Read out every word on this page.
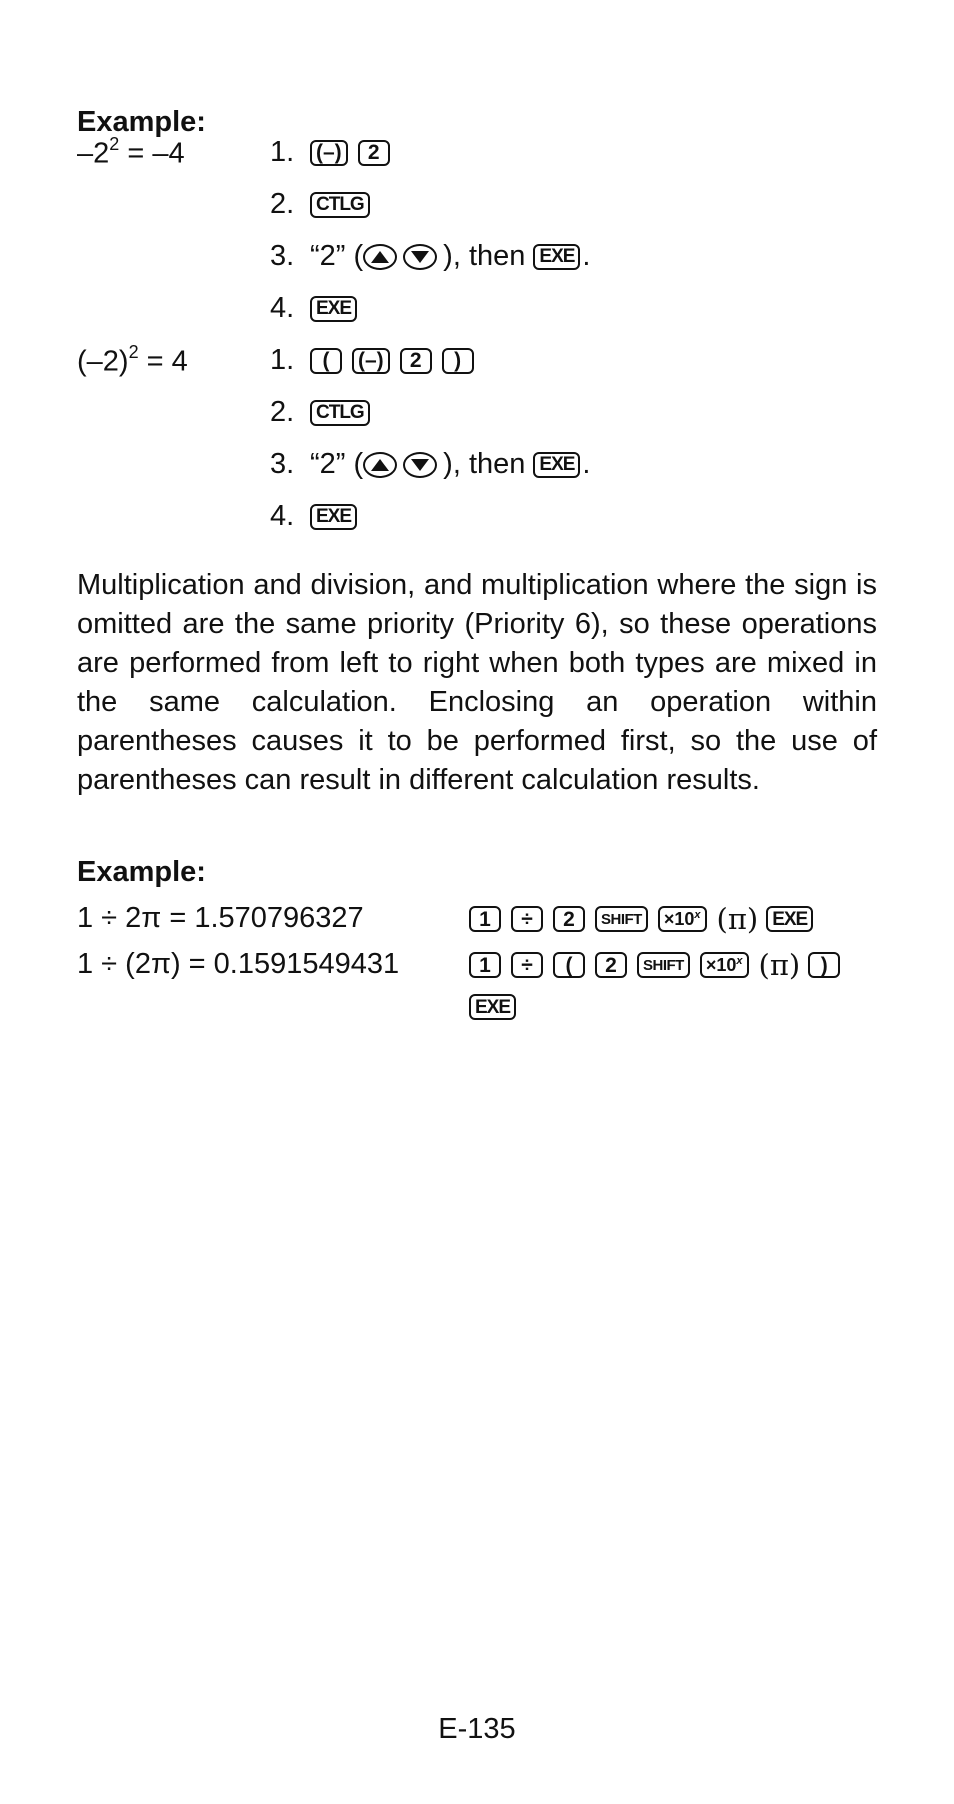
Example:
$-2^2 = -4$	1.	(–)	2
2.	CTLG
3. “2” (	), then EXE .
4.	EXE
$(-2)^2 = 4$	1.	(	(–)	2	)
2.	CTLG
3. “2” (	), then EXE .
4.	EXE
Multiplication and division, and multiplication where the sign is omitted are the same priority (Priority 6), so these operations are performed from left to right when both types are mixed in the same calculation. Enclosing an operation within parentheses causes it to be performed first, so the use of parentheses can result in different calculation results.
Example:
1 ÷ 2π = 1.570796327	1	÷	2	SHIFT	$\times 10^x$ (π) EXE
1 ÷ (2π) = 0.1591549431	1	÷	(	2	SHIFT	$\times 10^x$ (π) )
EXE
E-135
